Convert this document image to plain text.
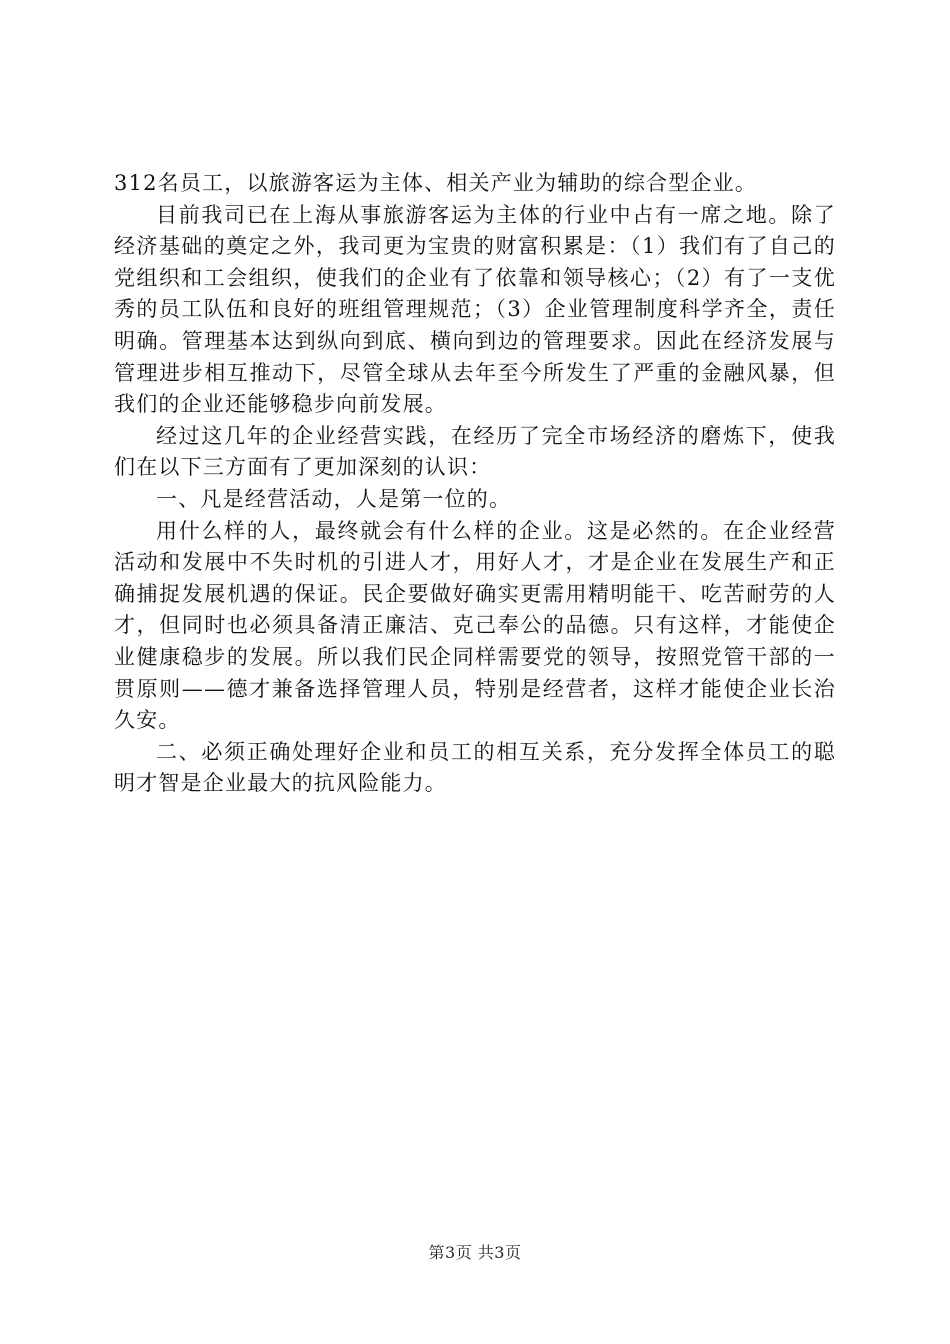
312名员工，以旅游客运为主体、相关产业为辅助的综合型企业。

目前我司已在上海从事旅游客运为主体的行业中占有一席之地。除了经济基础的奠定之外，我司更为宝贵的财富积累是：（1）我们有了自己的党组织和工会组织，使我们的企业有了依靠和领导核心；（2）有了一支优秀的员工队伍和良好的班组管理规范；（3）企业管理制度科学齐全，责任明确。管理基本达到纵向到底、横向到边的管理要求。因此在经济发展与管理进步相互推动下，尽管全球从去年至今所发生了严重的金融风暴，但我们的企业还能够稳步向前发展。

经过这几年的企业经营实践，在经历了完全市场经济的磨炼下，使我们在以下三方面有了更加深刻的认识：

一、凡是经营活动，人是第一位的。

用什么样的人，最终就会有什么样的企业。这是必然的。在企业经营活动和发展中不失时机的引进人才，用好人才，才是企业在发展生产和正确捕捉发展机遇的保证。民企要做好确实更需用精明能干、吃苦耐劳的人才，但同时也必须具备清正廉洁、克己奉公的品德。只有这样，才能使企业健康稳步的发展。所以我们民企同样需要党的领导，按照党管干部的一贯原则——德才兼备选择管理人员，特别是经营者，这样才能使企业长治久安。

二、必须正确处理好企业和员工的相互关系，充分发挥全体员工的聪明才智是企业最大的抗风险能力。

第3页 共3页
